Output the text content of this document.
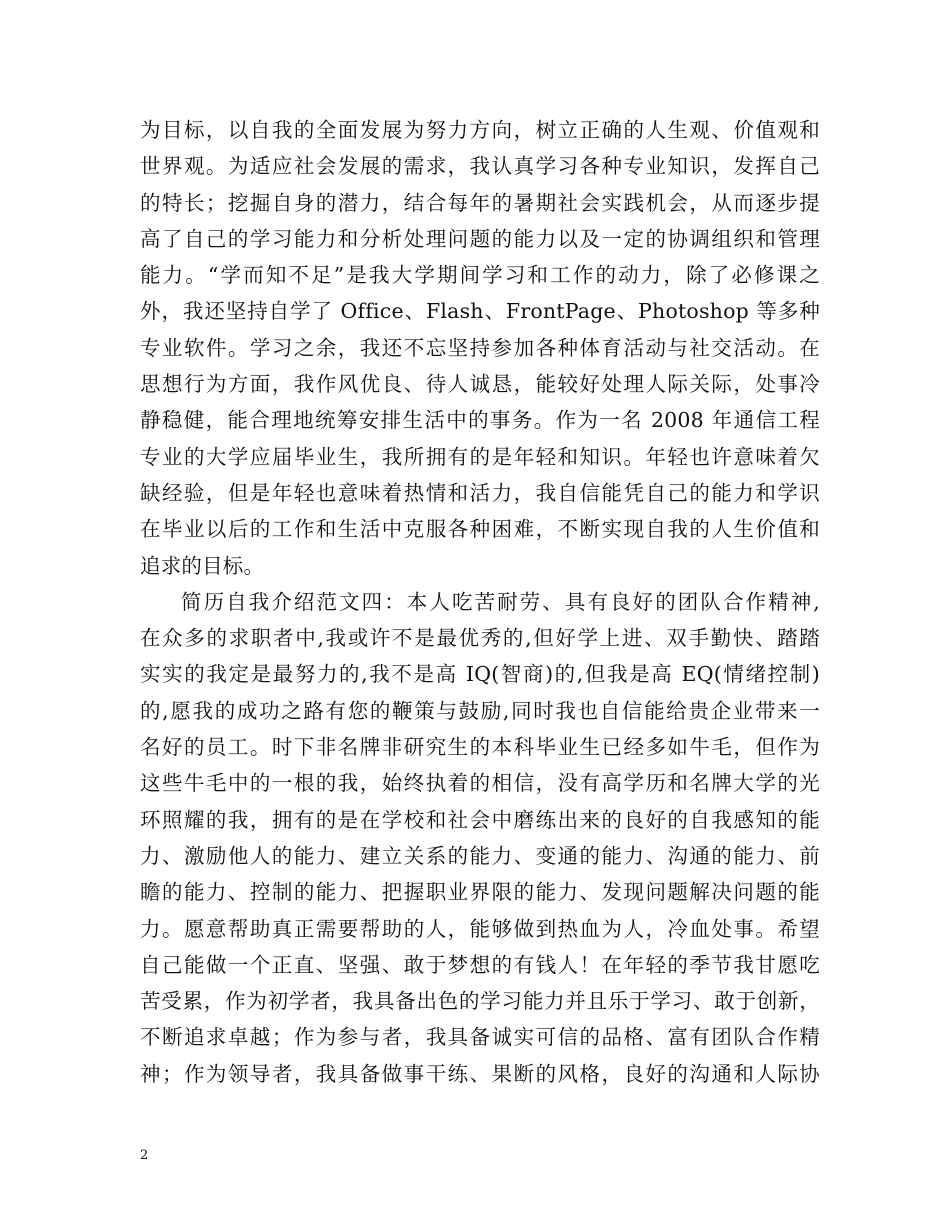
为目标，以自我的全面发展为努力方向，树立正确的人生观、价值观和
世界观。为适应社会发展的需求，我认真学习各种专业知识，发挥自己
的特长；挖掘自身的潜力，结合每年的暑期社会实践机会，从而逐步提
高了自己的学习能力和分析处理问题的能力以及一定的协调组织和管理
能力。“学而知不足”是我大学期间学习和工作的动力，除了必修课之
外，我还坚持自学了 Office、Flash、FrontPage、Photoshop 等多种
专业软件。学习之余，我还不忘坚持参加各种体育活动与社交活动。在
思想行为方面，我作风优良、待人诚恳，能较好处理人际关际，处事冷
静稳健，能合理地统筹安排生活中的事务。作为一名 2008 年通信工程
专业的大学应届毕业生，我所拥有的是年轻和知识。年轻也许意味着欠
缺经验，但是年轻也意味着热情和活力，我自信能凭自己的能力和学识
在毕业以后的工作和生活中克服各种困难，不断实现自我的人生价值和
追求的目标。
简历自我介绍范文四：本人吃苦耐劳、具有良好的团队合作精神,
在众多的求职者中,我或许不是最优秀的,但好学上进、双手勤快、踏踏
实实的我定是最努力的,我不是高 IQ(智商)的,但我是高 EQ(情绪控制)
的,愿我的成功之路有您的鞭策与鼓励,同时我也自信能给贵企业带来一
名好的员工。时下非名牌非研究生的本科毕业生已经多如牛毛，但作为
这些牛毛中的一根的我，始终执着的相信，没有高学历和名牌大学的光
环照耀的我，拥有的是在学校和社会中磨练出来的良好的自我感知的能
力、激励他人的能力、建立关系的能力、变通的能力、沟通的能力、前
瞻的能力、控制的能力、把握职业界限的能力、发现问题解决问题的能
力。愿意帮助真正需要帮助的人，能够做到热血为人，冷血处事。希望
自己能做一个正直、坚强、敢于梦想的有钱人！在年轻的季节我甘愿吃
苦受累，作为初学者，我具备出色的学习能力并且乐于学习、敢于创新，
不断追求卓越；作为参与者，我具备诚实可信的品格、富有团队合作精
神；作为领导者，我具备做事干练、果断的风格，良好的沟通和人际协
2
